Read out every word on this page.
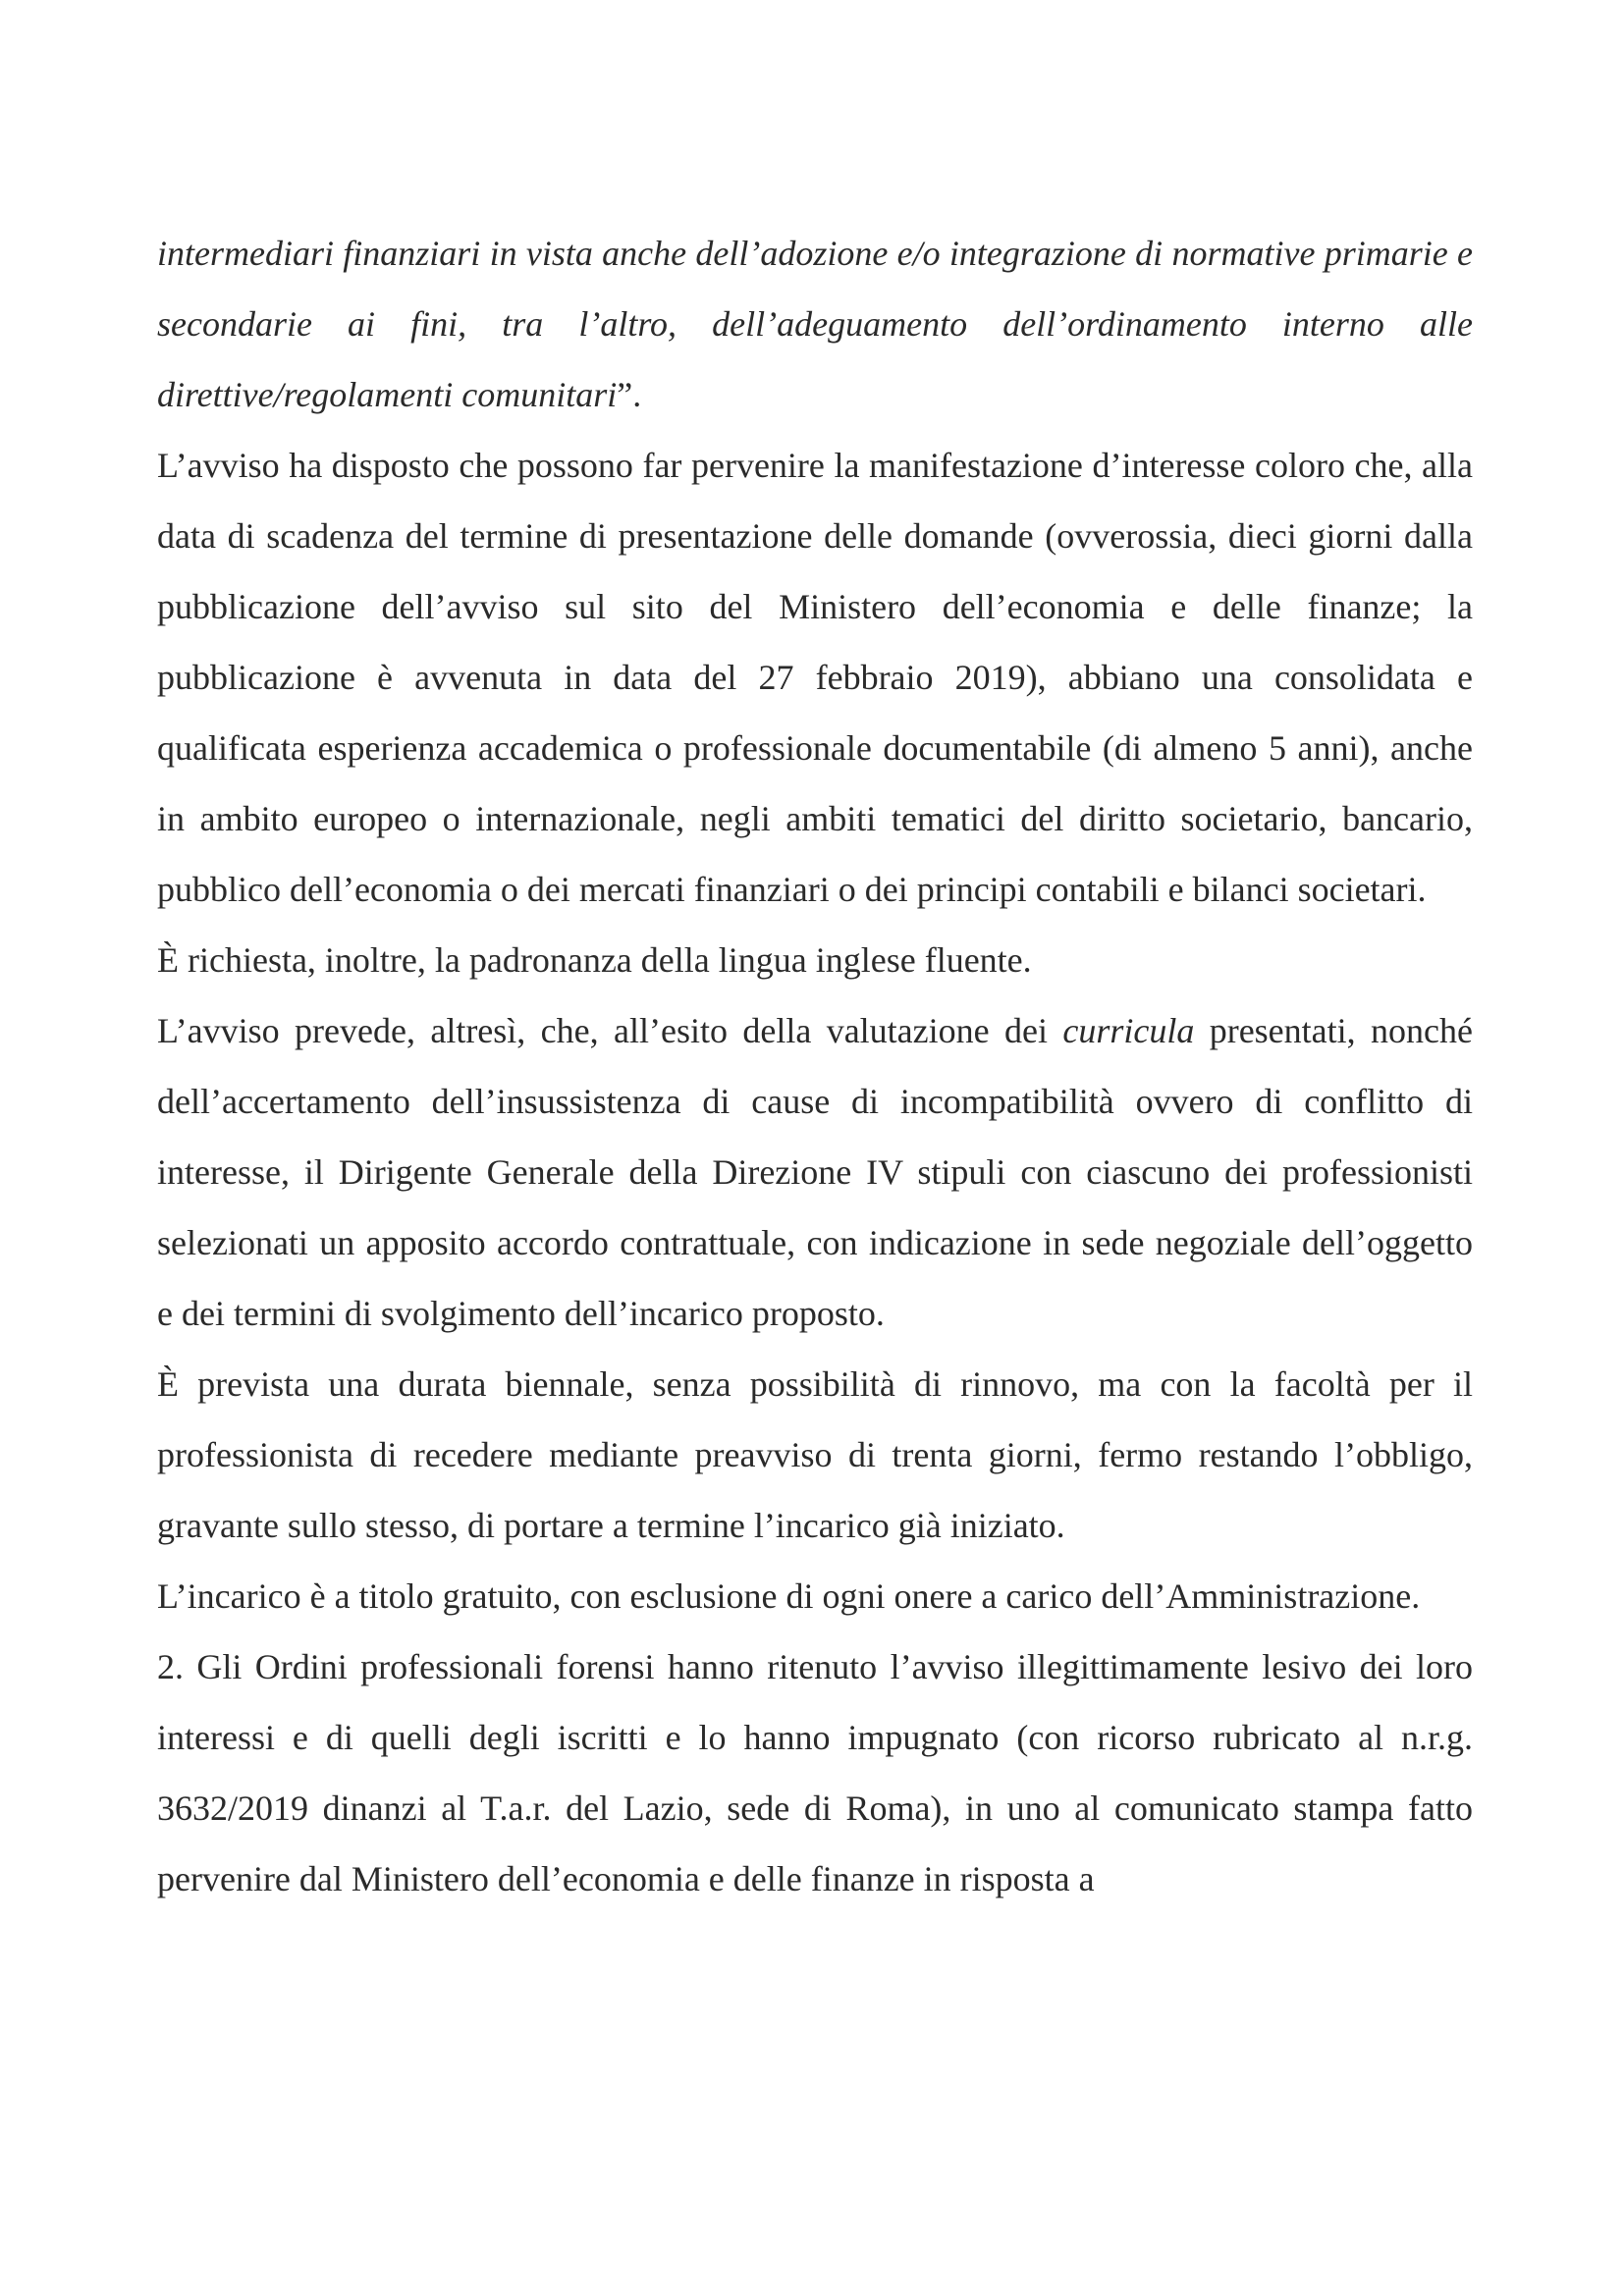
intermediari finanziari in vista anche dell’adozione e/o integrazione di normative primarie e secondarie ai fini, tra l’altro, dell’adeguamento dell’ordinamento interno alle direttive/regolamenti comunitari”.

L’avviso ha disposto che possono far pervenire la manifestazione d’interesse coloro che, alla data di scadenza del termine di presentazione delle domande (ovverossia, dieci giorni dalla pubblicazione dell’avviso sul sito del Ministero dell’economia e delle finanze; la pubblicazione è avvenuta in data del 27 febbraio 2019), abbiano una consolidata e qualificata esperienza accademica o professionale documentabile (di almeno 5 anni), anche in ambito europeo o internazionale, negli ambiti tematici del diritto societario, bancario, pubblico dell’economia o dei mercati finanziari o dei principi contabili e bilanci societari.

È richiesta, inoltre, la padronanza della lingua inglese fluente.

L’avviso prevede, altresì, che, all’esito della valutazione dei curricula presentati, nonché dell’accertamento dell’insussistenza di cause di incompatibilità ovvero di conflitto di interesse, il Dirigente Generale della Direzione IV stipuli con ciascuno dei professionisti selezionati un apposito accordo contrattuale, con indicazione in sede negoziale dell’oggetto e dei termini di svolgimento dell’incarico proposto.

È prevista una durata biennale, senza possibilità di rinnovo, ma con la facoltà per il professionista di recedere mediante preavviso di trenta giorni, fermo restando l’obbligo, gravante sullo stesso, di portare a termine l’incarico già iniziato.

L’incarico è a titolo gratuito, con esclusione di ogni onere a carico dell’Amministrazione.

2. Gli Ordini professionali forensi hanno ritenuto l’avviso illegittimamente lesivo dei loro interessi e di quelli degli iscritti e lo hanno impugnato (con ricorso rubricato al n.r.g. 3632/2019 dinanzi al T.a.r. del Lazio, sede di Roma), in uno al comunicato stampa fatto pervenire dal Ministero dell’economia e delle finanze in risposta a
